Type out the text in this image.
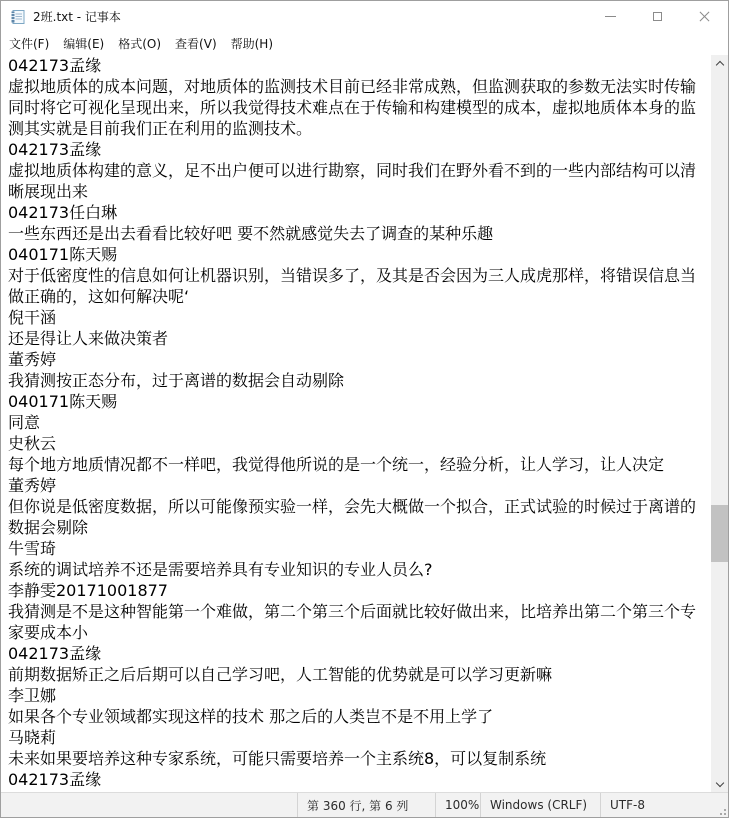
2班.txt - 记事本
文件(F)	编辑(E)	格式(O)	查看(V)	帮助(H)
042173孟缘
虚拟地质体的成本问题，对地质体的监测技术目前已经非常成熟，但监测获取的参数无法实时传输
同时将它可视化呈现出来，所以我觉得技术难点在于传输和构建模型的成本，虚拟地质体本身的监
测其实就是目前我们正在利用的监测技术。
042173孟缘
虚拟地质体构建的意义，足不出户便可以进行勘察，同时我们在野外看不到的一些内部结构可以清
晰展现出来
042173任白琳
一些东西还是出去看看比较好吧 要不然就感觉失去了调查的某种乐趣
040171陈天赐
对于低密度性的信息如何让机器识别，当错误多了，及其是否会因为三人成虎那样，将错误信息当
做正确的，这如何解决呢‘
倪干涵
还是得让人来做决策者
董秀婷
我猜测按正态分布，过于离谱的数据会自动剔除
040171陈天赐
同意
史秋云
每个地方地质情况都不一样吧，我觉得他所说的是一个统一，经验分析，让人学习，让人决定
董秀婷
但你说是低密度数据，所以可能像预实验一样，会先大概做一个拟合，正式试验的时候过于离谱的
数据会剔除
牛雪琦
系统的调试培养不还是需要培养具有专业知识的专业人员么?
李静雯20171001877
我猜测是不是这种智能第一个难做，第二个第三个后面就比较好做出来，比培养出第二个第三个专
家要成本小
042173孟缘
前期数据矫正之后后期可以自己学习吧，人工智能的优势就是可以学习更新嘛
李卫娜
如果各个专业领域都实现这样的技术 那之后的人类岂不是不用上学了
马晓莉
未来如果要培养这种专家系统，可能只需要培养一个主系统8，可以复制系统
042173孟缘
第 360 行, 第 6 列	100% Windows (CRLF)	UTF-8
